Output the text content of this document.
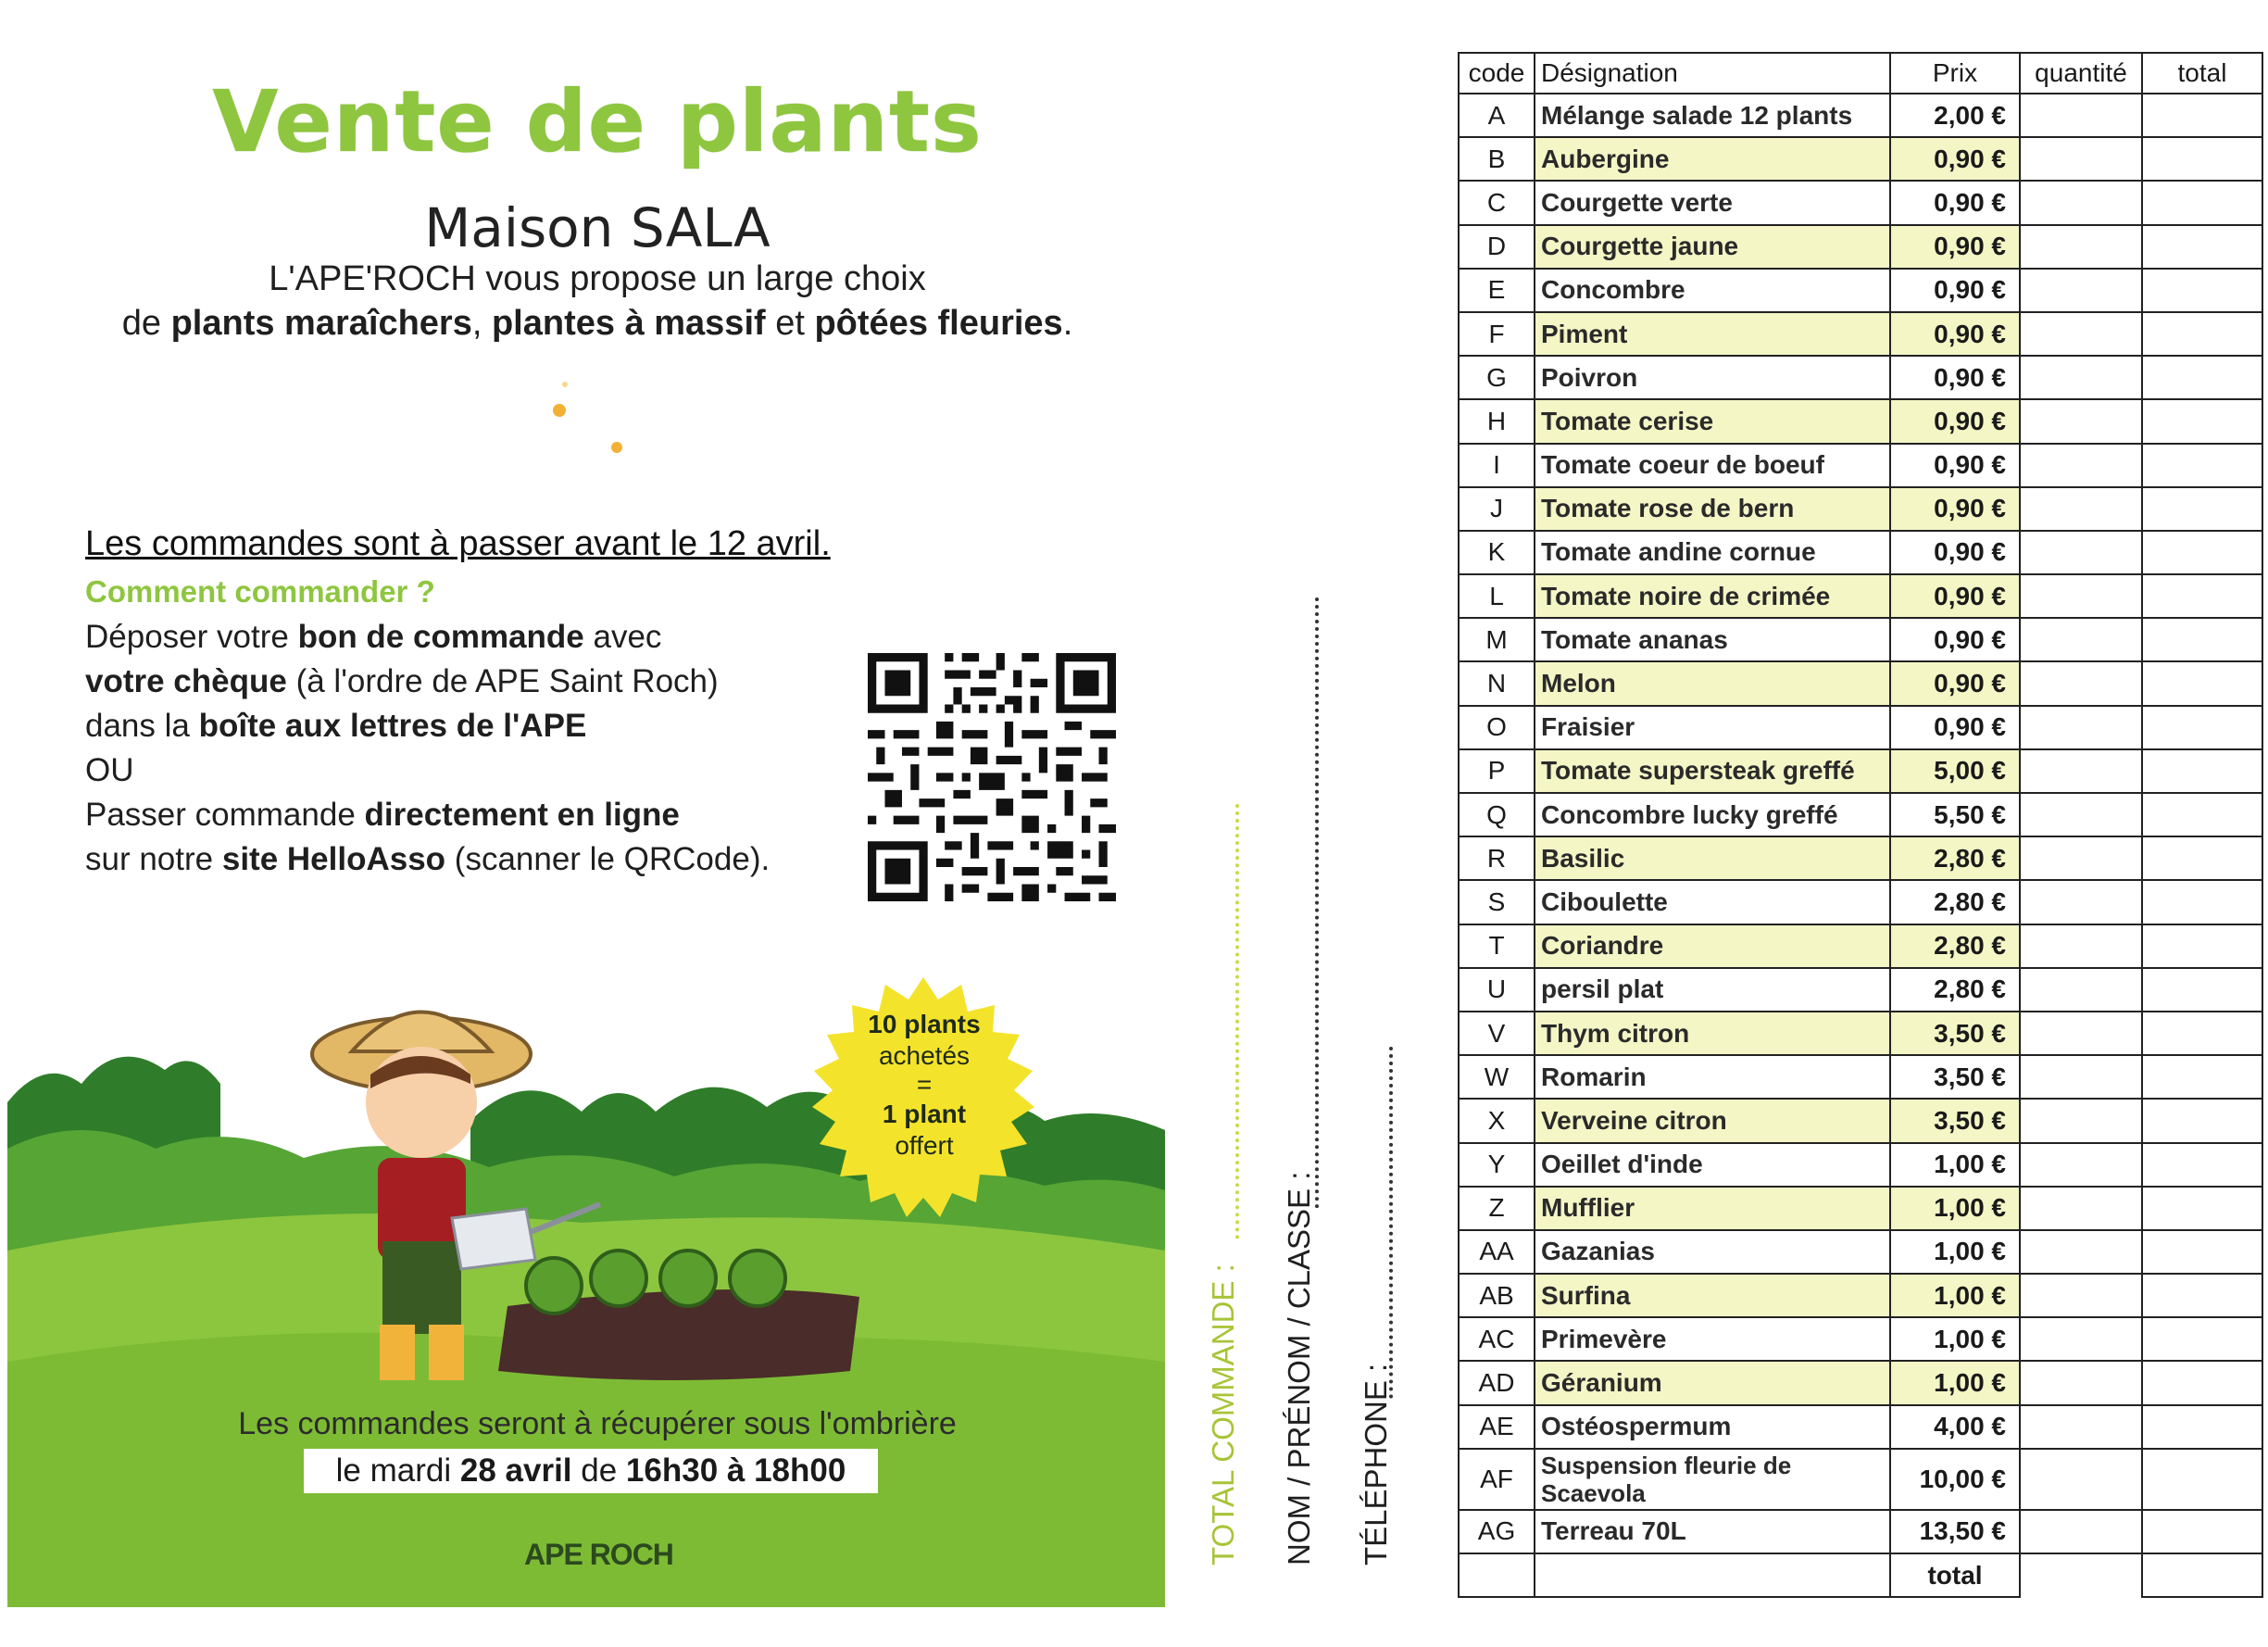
Vente de plants
Maison SALA
L'APE'ROCH vous propose un large choix
de plants maraîchers, plantes à massif et pôtées fleuries.
Les commandes sont à passer avant le 12 avril.
Comment commander ?
Déposer votre bon de commande avec
votre chèque (à l'ordre de APE Saint Roch)
dans la boîte aux lettres de l'APE
OU
Passer commande directement en ligne
sur notre site HelloAsso (scanner le QRCode).
10 plants
achetés
=
1 plant
offert
Les commandes seront à récupérer sous l'ombrière
le mardi 28 avril de 16h30 à 18h00
APE ROCH	TOTAL COMMANDE : NOM / PRÉNOM / CLASSE : TÉLÉPHONE :
code	Désignation	Prix	quantité	total
A	Mélange salade 12 plants	2,00 €		
B	Aubergine	0,90 €		
C	Courgette verte	0,90 €		
D	Courgette jaune	0,90 €		
E	Concombre	0,90 €		
F	Piment	0,90 €		
G	Poivron	0,90 €		
H	Tomate cerise	0,90 €		
I	Tomate coeur de boeuf	0,90 €		
J	Tomate rose de bern	0,90 €		
K	Tomate andine cornue	0,90 €		
L	Tomate noire de crimée	0,90 €		
M	Tomate ananas	0,90 €		
N	Melon	0,90 €		
O	Fraisier	0,90 €		
P	Tomate supersteak greffé	5,00 €		
Q	Concombre lucky greffé	5,50 €		
R	Basilic	2,80 €		
S	Ciboulette	2,80 €		
T	Coriandre	2,80 €		
U	persil plat	2,80 €		
V	Thym citron	3,50 €		
W	Romarin	3,50 €		
X	Verveine citron	3,50 €		
Y	Oeillet d'inde	1,00 €		
Z	Mufflier	1,00 €		
AA	Gazanias	1,00 €		
AB	Surfina	1,00 €		
AC	Primevère	1,00 €		
AD	Géranium	1,00 €		
AE	Ostéospermum	4,00 €		
AF	Suspension fleurie de Scaevola	10,00 €		
AG	Terreau 70L	13,50 €		
		total		
